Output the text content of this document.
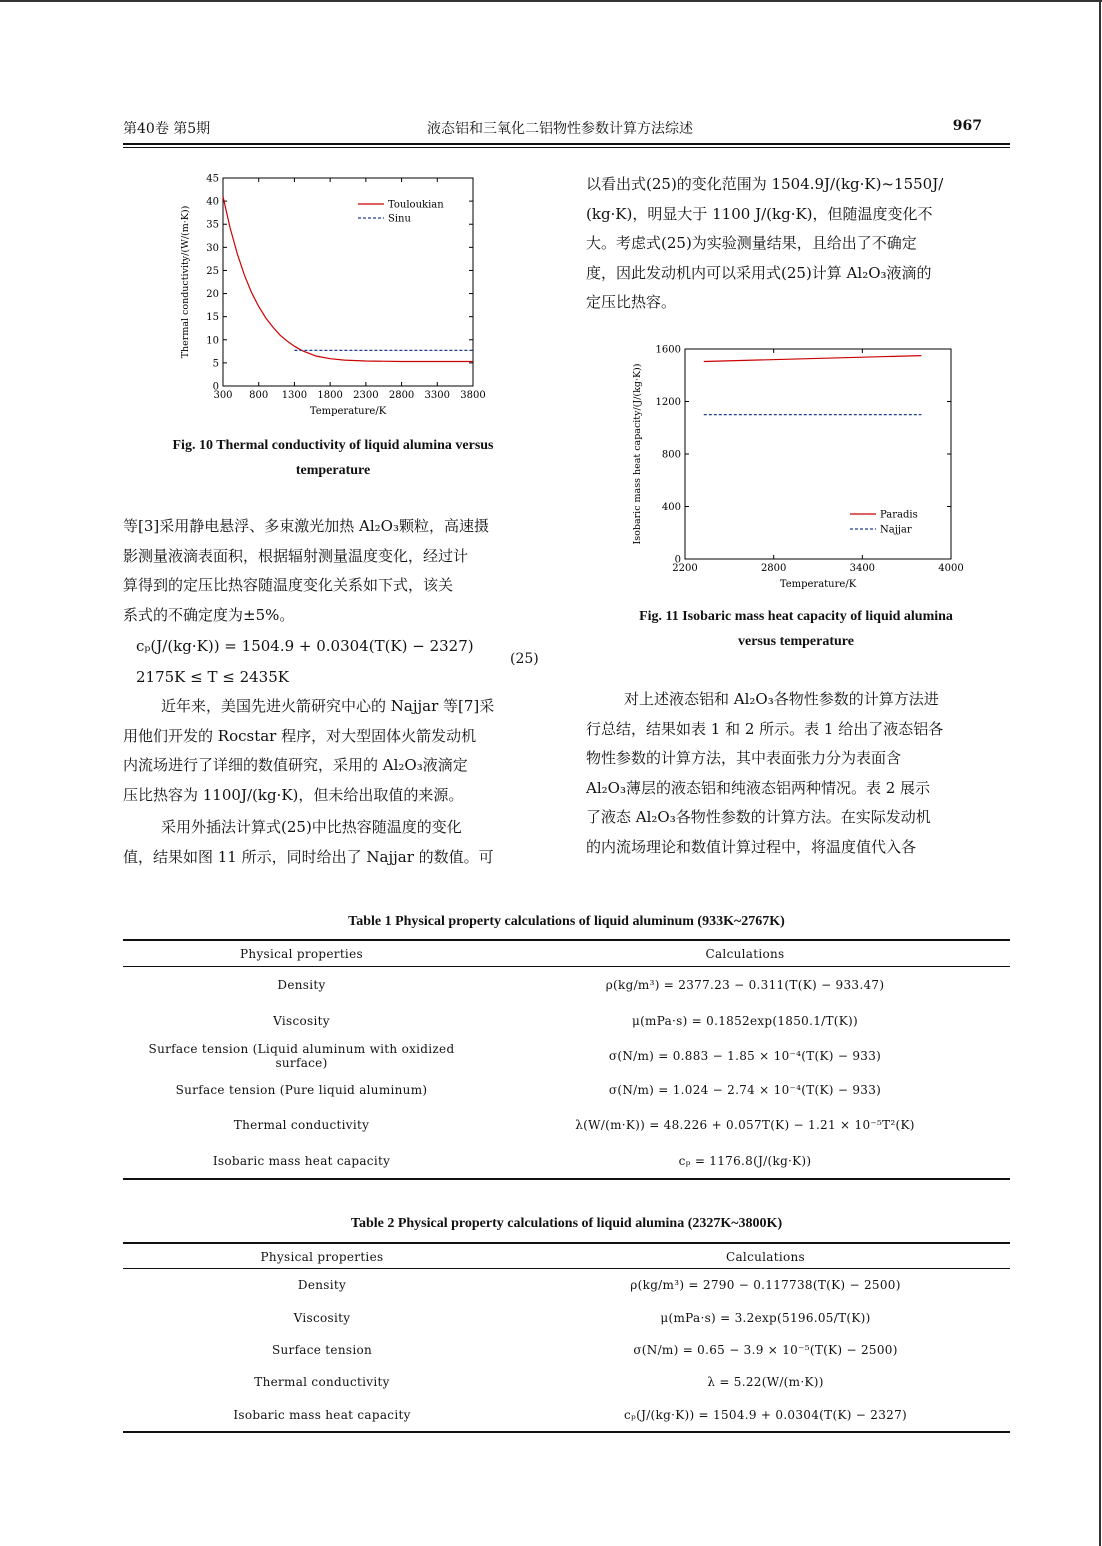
第40卷 第5期	液态铝和三氧化二铝物性参数计算方法综述	967
300 800 1300 1800 2300 2800 3300 3800
0
5
10
15
20
25
30
35
40
45
Temperature/K
Thermal conductivity/(W/(m·K))
Touloukian
Sinu
Fig. 10 Thermal conductivity of liquid alumina versus
temperature
等[3]采用静电悬浮、多束激光加热 Al₂O₃颗粒，高速摄
影测量液滴表面积，根据辐射测量温度变化，经过计
算得到的定压比热容随温度变化关系如下式，该关
系式的不确定度为±5%。
cₚ(J/(kg·K)) = 1504.9 + 0.0304(T(K) − 2327)
(25)
2175K ≤ T ≤ 2435K
近年来，美国先进火箭研究中心的 Najjar 等[7]采
用他们开发的 Rocstar 程序，对大型固体火箭发动机
内流场进行了详细的数值研究，采用的 Al₂O₃液滴定
压比热容为 1100J/(kg·K)，但未给出取值的来源。
采用外插法计算式(25)中比热容随温度的变化
值，结果如图 11 所示，同时给出了 Najjar 的数值。可
以看出式(25)的变化范围为 1504.9J/(kg·K)~1550J/
(kg·K)，明显大于 1100 J/(kg·K)，但随温度变化不
大。考虑式(25)为实验测量结果，且给出了不确定
度，因此发动机内可以采用式(25)计算 Al₂O₃液滴的
定压比热容。
2200	2800	3400	4000
0
400
800
1200
1600
Temperature/K
Isobaric mass heat capacity/(J/(kg·K))	Paradis
Najjar
Fig. 11 Isobaric mass heat capacity of liquid alumina
versus temperature
对上述液态铝和 Al₂O₃各物性参数的计算方法进
行总结，结果如表 1 和 2 所示。表 1 给出了液态铝各
物性参数的计算方法，其中表面张力分为表面含
Al₂O₃薄层的液态铝和纯液态铝两种情况。表 2 展示
了液态 Al₂O₃各物性参数的计算方法。在实际发动机
的内流场理论和数值计算过程中，将温度值代入各
Table 1 Physical property calculations of liquid aluminum (933K~2767K)
Physical properties	Calculations
Density	ρ(kg/m³) = 2377.23 − 0.311(T(K) − 933.47)
Viscosity	μ(mPa·s) = 0.1852exp(1850.1/T(K))
Surface tension (Liquid aluminum with oxidized surface)	σ(N/m) = 0.883 − 1.85 × 10⁻⁴(T(K) − 933)
Surface tension (Pure liquid aluminum)	σ(N/m) = 1.024 − 2.74 × 10⁻⁴(T(K) − 933)
Thermal conductivity	λ(W/(m·K)) = 48.226 + 0.057T(K) − 1.21 × 10⁻⁵T²(K)
Isobaric mass heat capacity	cₚ = 1176.8(J/(kg·K))
Table 2 Physical property calculations of liquid alumina (2327K~3800K)
Physical properties	Calculations
Density	ρ(kg/m³) = 2790 − 0.117738(T(K) − 2500)
Viscosity	μ(mPa·s) = 3.2exp(5196.05/T(K))
Surface tension	σ(N/m) = 0.65 − 3.9 × 10⁻⁵(T(K) − 2500)
Thermal conductivity	λ = 5.22(W/(m·K))
Isobaric mass heat capacity	cₚ(J/(kg·K)) = 1504.9 + 0.0304(T(K) − 2327)
